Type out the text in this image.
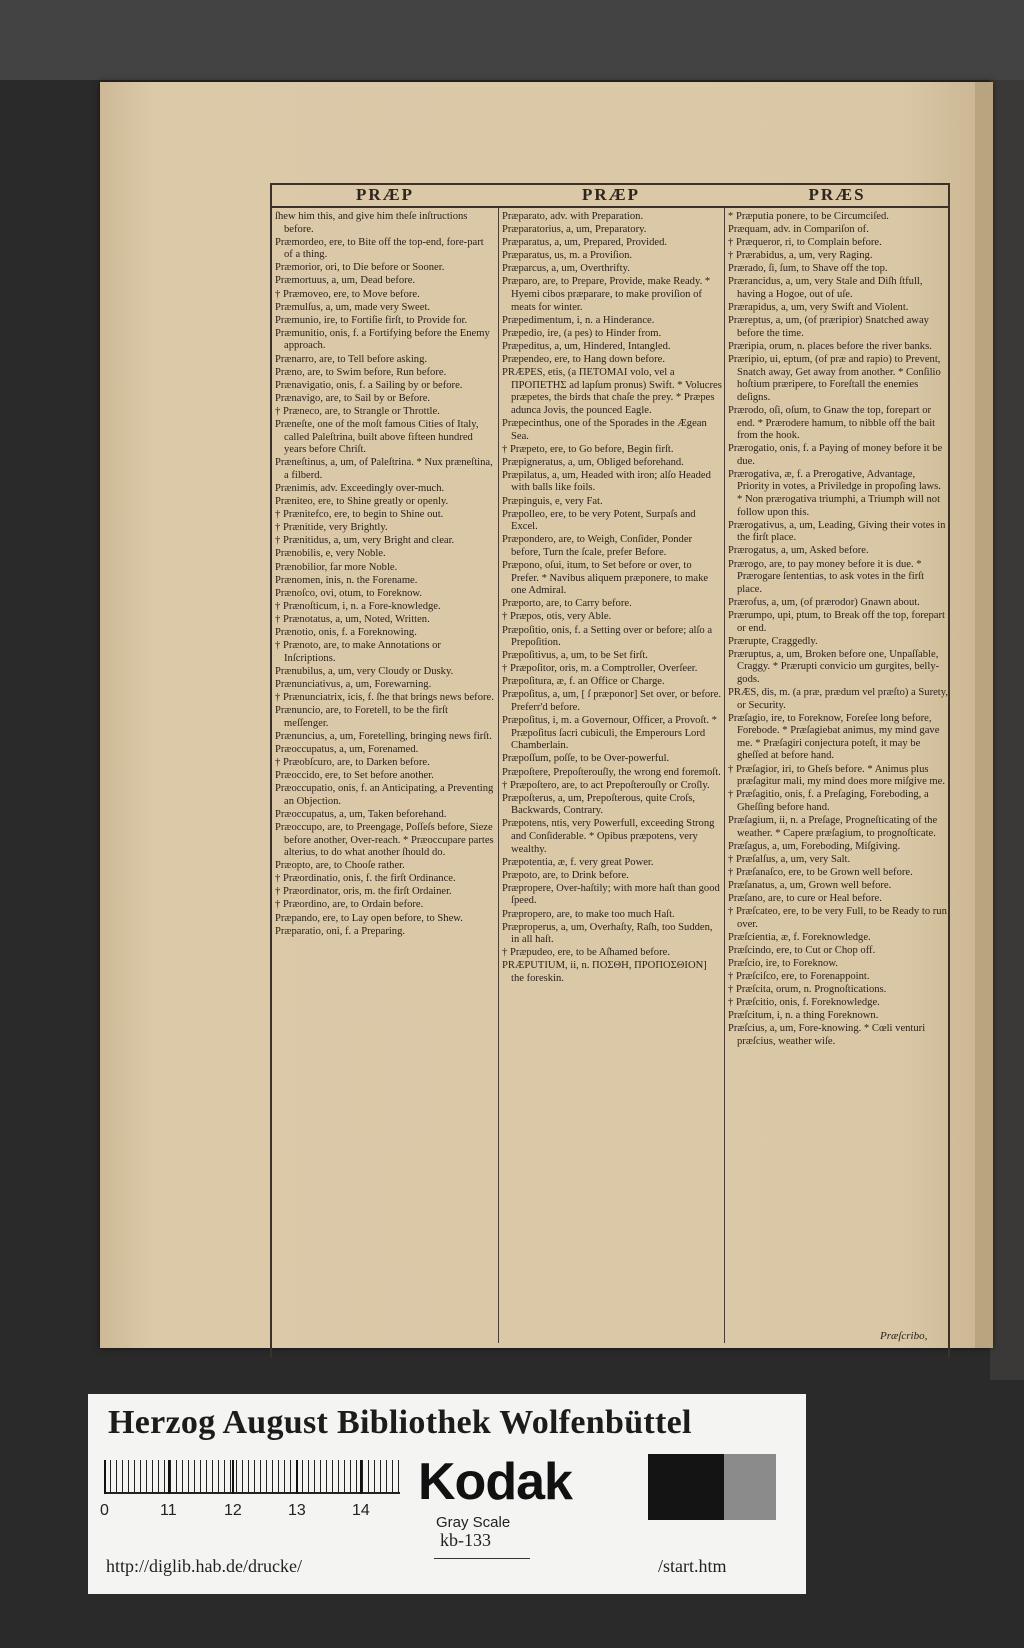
PRÆP	PRÆP	PRÆS
ſhew him this, and give him theſe inſtructions before.
Præmordeo, ere, to Bite off the top-end, fore-part of a thing.
Præmorior, ori, to Die before or Sooner.
Præmortuus, a, um, Dead before.
† Præmoveo, ere, to Move before.
Præmulſus, a, um, made very Sweet.
Præmunio, ire, to Fortiſie firſt, to Provide for.
Præmunitio, onis, f. a Fortifying before the Enemy approach.
Prænarro, are, to Tell before asking.
Præno, are, to Swim before, Run before.
Prænavigatio, onis, f. a Sailing by or before.
Prænavigo, are, to Sail by or Before.
† Præneco, are, to Strangle or Throttle.
Præneſte, one of the moſt famous Cities of Italy, called Paleſtrina, built above fifteen hundred years before Chriſt.
Præneſtinus, a, um, of Paleſtrina. * Nux præneſtina, a filberd.
Prænimis, adv. Exceedingly over-much.
Præniteo, ere, to Shine greatly or openly.
† Prænitefco, ere, to begin to Shine out.
† Prænitide, very Brightly.
† Prænitidus, a, um, very Bright and clear.
Prænobilis, e, very Noble.
Prænobilior, far more Noble.
Prænomen, inis, n. the Forename.
Prænoſco, ovi, otum, to Foreknow.
† Prænoſticum, i, n. a Fore-knowledge.
† Prænotatus, a, um, Noted, Written.
Prænotio, onis, f. a Foreknowing.
† Prænoto, are, to make Annotations or Inſcriptions.
Prænubilus, a, um, very Cloudy or Dusky.
Prænunciativus, a, um, Forewarning.
† Prænunciatrix, icis, f. ſhe that brings news before.
Prænuncio, are, to Foretell, to be the firſt meſſenger.
Prænuncius, a, um, Foretelling, bringing news firſt.
Præoccupatus, a, um, Forenamed.
† Præobſcuro, are, to Darken before.
Præoccido, ere, to Set before another.
Præoccupatio, onis, f. an Anticipating, a Preventing an Objection.
Præoccupatus, a, um, Taken beforehand.
Præoccupo, are, to Preengage, Poſſeſs before, Sieze before another, Over-reach. * Præoccupare partes alterius, to do what another ſhould do.
Præopto, are, to Chooſe rather.
† Præordinatio, onis, f. the firſt Ordinance.
† Præordinator, oris, m. the firſt Ordainer.
† Præordino, are, to Ordain before.
Præpando, ere, to Lay open before, to Shew.
Præparatio, oni, f. a Preparing.
Præparato, adv. with Preparation.
Præparatorius, a, um, Preparatory.
Præparatus, a, um, Prepared, Provided.
Præparatus, us, m. a Proviſion.
Præparcus, a, um, Overthrifty.
Præparo, are, to Prepare, Provide, make Ready. * Hyemi cibos præparare, to make proviſion of meats for winter.
Præpedimentum, i, n. a Hinderance.
Præpedio, ire, (a pes) to Hinder from.
Præpeditus, a, um, Hindered, Intangled.
Præpendeo, ere, to Hang down before.
PRÆPES, etis, (a ΠΕΤΟΜΑΙ volo, vel a ΠΡΟΠΕΤΗΣ ad lapſum pronus) Swift. * Volucres præpetes, the birds that chaſe the prey. * Præpes adunca Jovis, the pounced Eagle.
Præpecinthus, one of the Sporades in the Ægean Sea.
† Præpeto, ere, to Go before, Begin firſt.
Præpigneratus, a, um, Obliged beforehand.
Præpilatus, a, um, Headed with iron; alſo Headed with balls like foils.
Præpinguis, e, very Fat.
Præpolleo, ere, to be very Potent, Surpaſs and Excel.
Præpondero, are, to Weigh, Conſider, Ponder before, Turn the ſcale, prefer Before.
Præpono, oſui, itum, to Set before or over, to Prefer. * Navibus aliquem præponere, to make one Admiral.
Præporto, are, to Carry before.
† Præpos, otis, very Able.
Præpoſitio, onis, f. a Setting over or before; alſo a Prepoſition.
Præpoſitivus, a, um, to be Set firſt.
† Præpoſitor, oris, m. a Comptroller, Overſeer.
Præpoſitura, æ, f. an Office or Charge.
Præpoſitus, a, um, [ ſ præponor] Set over, or before. Preferr'd before.
Præpoſitus, i, m. a Governour, Officer, a Provoſt. * Præpoſitus ſacri cubiculi, the Emperours Lord Chamberlain.
Præpoſſum, poſſe, to be Over-powerful.
Præpoſtere, Prepoſterouſly, the wrong end foremoſt.
† Præpoſtero, are, to act Prepoſterouſly or Croſly.
Præpoſterus, a, um, Prepoſterous, quite Croſs, Backwards, Contrary.
Præpotens, ntis, very Powerfull, exceeding Strong and Conſiderable. * Opibus præpotens, very wealthy.
Præpotentia, æ, f. very great Power.
Præpoto, are, to Drink before.
Præpropere, Over-haſtily; with more haſt than good ſpeed.
Præpropero, are, to make too much Haſt.
Præproperus, a, um, Overhaſty, Raſh, too Sudden, in all haſt.
† Præpudeo, ere, to be Aſhamed before.
PRÆPUTIUM, ii, n. ΠΟΣΘΗ, ΠΡΟΠΟΣΘΙΟΝ] the foreskin.
* Præputia ponere, to be Circumciſed.
Præquam, adv. in Compariſon of.
† Præqueror, ri, to Complain before.
† Prærabidus, a, um, very Raging.
Prærado, ſi, ſum, to Shave off the top.
Prærancidus, a, um, very Stale and Diſh ſtfull, having a Hogoe, out of uſe.
Prærapidus, a, um, very Swift and Violent.
Præreptus, a, um, (of præripior) Snatched away before the time.
Præripia, orum, n. places before the river banks.
Præripio, ui, eptum, (of præ and rapio) to Prevent, Snatch away, Get away from another. * Conſilio hoſtium præripere, to Foreſtall the enemies deſigns.
Prærodo, oſi, oſum, to Gnaw the top, forepart or end. * Prærodere hamum, to nibble off the bait from the hook.
Prærogatio, onis, f. a Paying of money before it be due.
Prærogativa, æ, f. a Prerogative, Advantage, Priority in votes, a Priviledge in propoſing laws. * Non prærogativa triumphi, a Triumph will not follow upon this.
Prærogativus, a, um, Leading, Giving their votes in the firſt place.
Prærogatus, a, um, Asked before.
Prærogo, are, to pay money before it is due. * Prærogare ſententias, to ask votes in the firſt place.
Prærofus, a, um, (of prærodor) Gnawn about.
Prærumpo, upi, ptum, to Break off the top, forepart or end.
Prærupte, Craggedly.
Præruptus, a, um, Broken before one, Unpaſſable, Craggy. * Prærupti convicio um gurgites, belly-gods.
PRÆS, dis, m. (a præ, prædum vel præſto) a Surety, or Security.
Præſagio, ire, to Foreknow, Foreſee long before, Forebode. * Præſagiebat animus, my mind gave me. * Præſagiri conjectura poteſt, it may be gheſſed at before hand.
† Præſagior, iri, to Gheſs before. * Animus plus præſagitur mali, my mind does more miſgive me.
† Præſagitio, onis, f. a Preſaging, Foreboding, a Gheſſing before hand.
Præſagium, ii, n. a Preſage, Progneſticating of the weather. * Capere præſagium, to prognoſticate.
Præſagus, a, um, Foreboding, Miſgiving.
† Præſalſus, a, um, very Salt.
† Præſanaſco, ere, to be Grown well before.
Præſanatus, a, um, Grown well before.
Præſano, are, to cure or Heal before.
† Præſcateo, ere, to be very Full, to be Ready to run over.
Præſcientia, æ, f. Foreknowledge.
Præſcindo, ere, to Cut or Chop off.
Præſcio, ire, to Foreknow.
† Præſciſco, ere, to Forenappoint.
† Præſcita, orum, n. Prognoſtications.
† Præſcitio, onis, f. Foreknowledge.
Præſcitum, i, n. a thing Foreknown.
Præſcius, a, um, Fore-knowing. * Cœli venturi præſcius, weather wiſe.
Præſcribo,
Herzog August Bibliothek Wolfenbüttel
0	11	12	13	14 Kodak
Gray Scale
kb-133
http://diglib.hab.de/drucke/	/start.htm
